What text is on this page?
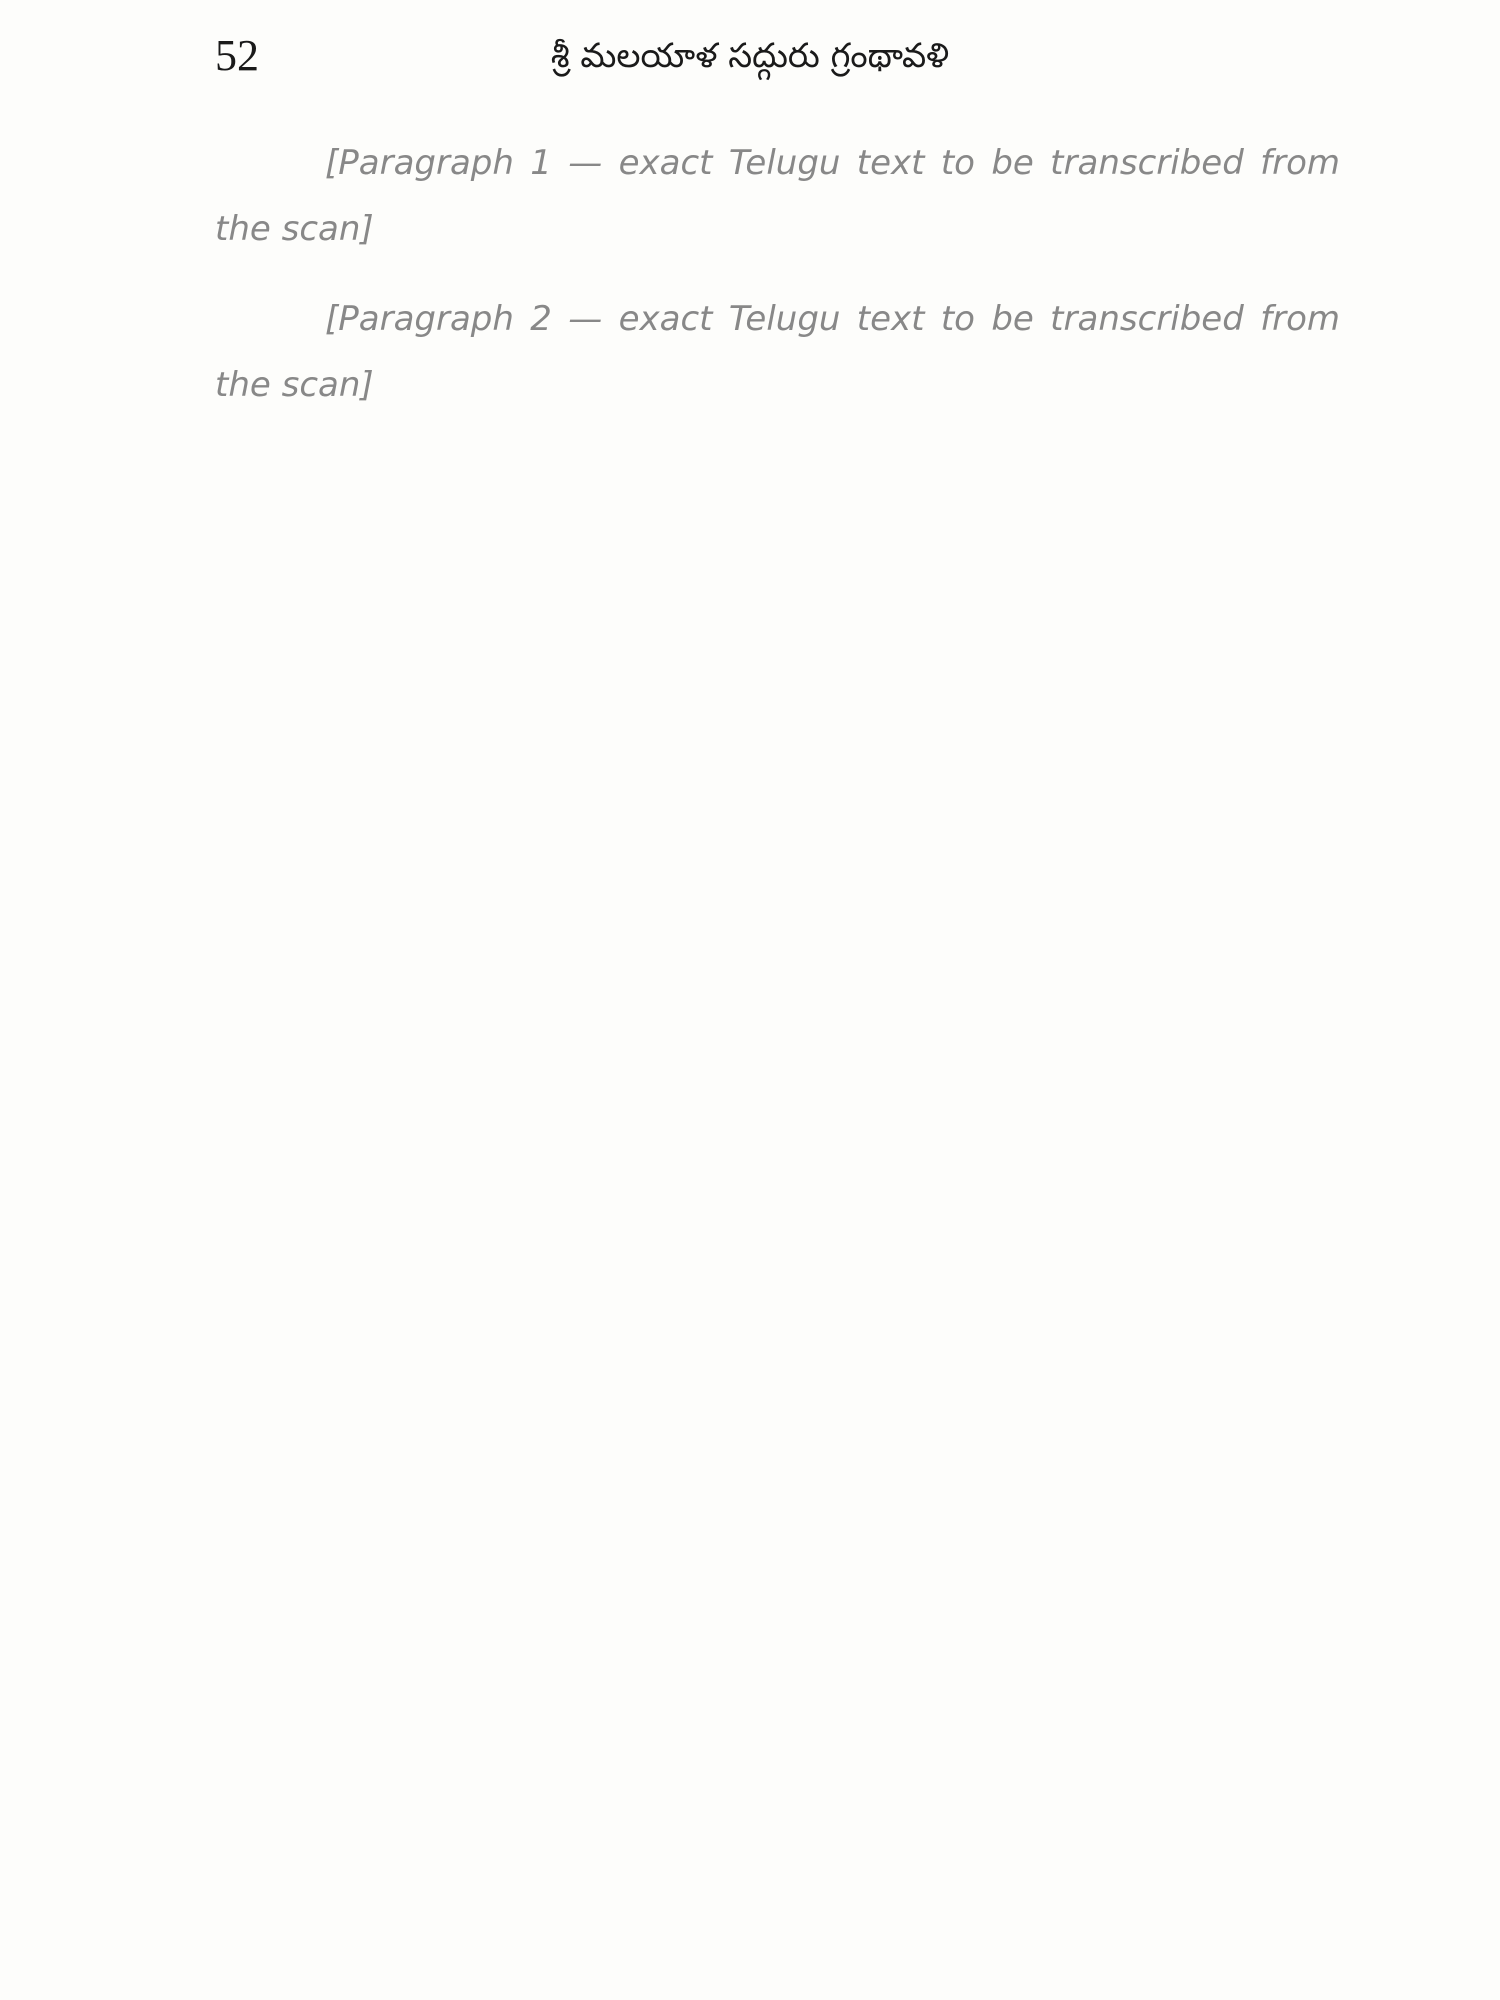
52	శ్రీ మలయాళ సద్గురు గ్రంథావళి

[Paragraph 1 — exact Telugu text to be transcribed from the scan]

[Paragraph 2 — exact Telugu text to be transcribed from the scan]
